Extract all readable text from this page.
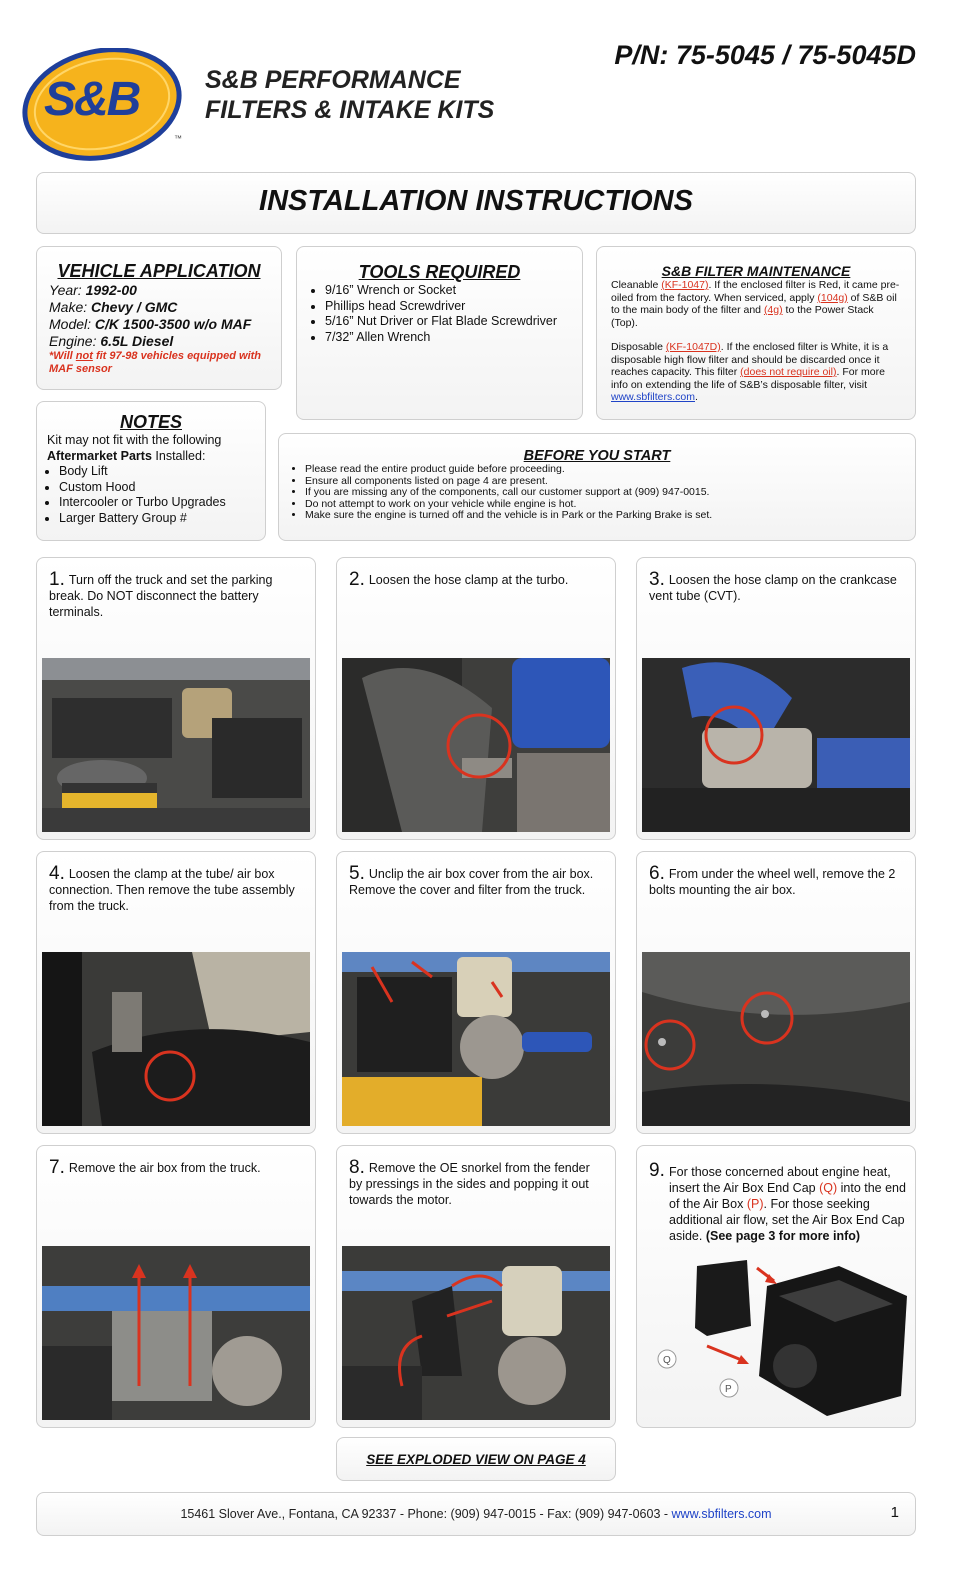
S&B
™
S&B PERFORMANCE
FILTERS & INTAKE KITS
P/N: 75-5045 / 75-5045D
INSTALLATION INSTRUCTIONS
VEHICLE APPLICATION
Year: 1992-00
Make: Chevy / GMC
Model: C/K 1500-3500 w/o MAF
Engine: 6.5L Diesel
*Will not fit 97-98 vehicles equipped with MAF sensor
TOOLS REQUIRED
• 9/16” Wrench or Socket
• Phillips head Screwdriver
• 5/16” Nut Driver or Flat Blade Screwdriver
• 7/32” Allen Wrench
S&B FILTER MAINTENANCE
Cleanable (KF-1047). If the enclosed filter is Red, it came pre-oiled from the factory. When serviced, apply (104g) of S&B oil to the main body of the filter and (4g) to the Power Stack (Top).
Disposable (KF-1047D). If the enclosed filter is White, it is a disposable high flow filter and should be discarded once it reaches capacity. This filter (does not require oil). For more info on extending the life of S&B’s disposable filter, visit www.sbfilters.com.
NOTES
Kit may not fit with the following Aftermarket Parts Installed:
• Body Lift
• Custom Hood
• Intercooler or Turbo Upgrades
• Larger Battery Group #
BEFORE YOU START
• Please read the entire product guide before proceeding.
• Ensure all components listed on page 4 are present.
• If you are missing any of the components, call our customer support at (909) 947-0015.
• Do not attempt to work on your vehicle while engine is hot.
• Make sure the engine is turned off and the vehicle is in Park or the Parking Brake is set.
1. Turn off the truck and set the parking break. Do NOT disconnect the battery terminals.
2. Loosen the hose clamp at the turbo.	3. Loosen the hose clamp on the crankcase vent tube (CVT).
4. Loosen the clamp at the tube/ air box connection. Then remove the tube assembly from the truck.
5. Unclip the air box cover from the air box. Remove the cover and filter from the truck.
6. From under the wheel well, remove the 2 bolts mounting the air box.
7. Remove the air box from the truck.	8. Remove the OE snorkel from the fender by pressings in the sides and popping it out towards the motor.
9. For those concerned about engine heat, insert the Air Box End Cap (Q) into the end of the Air Box (P). For those seeking additional air flow, set the Air Box End Cap aside. (See page 3 for more info)
Q
P
SEE EXPLODED VIEW ON PAGE 4
15461 Slover Ave., Fontana, CA 92337 - Phone: (909) 947-0015 - Fax: (909) 947-0603 - www.sbfilters.com	1
